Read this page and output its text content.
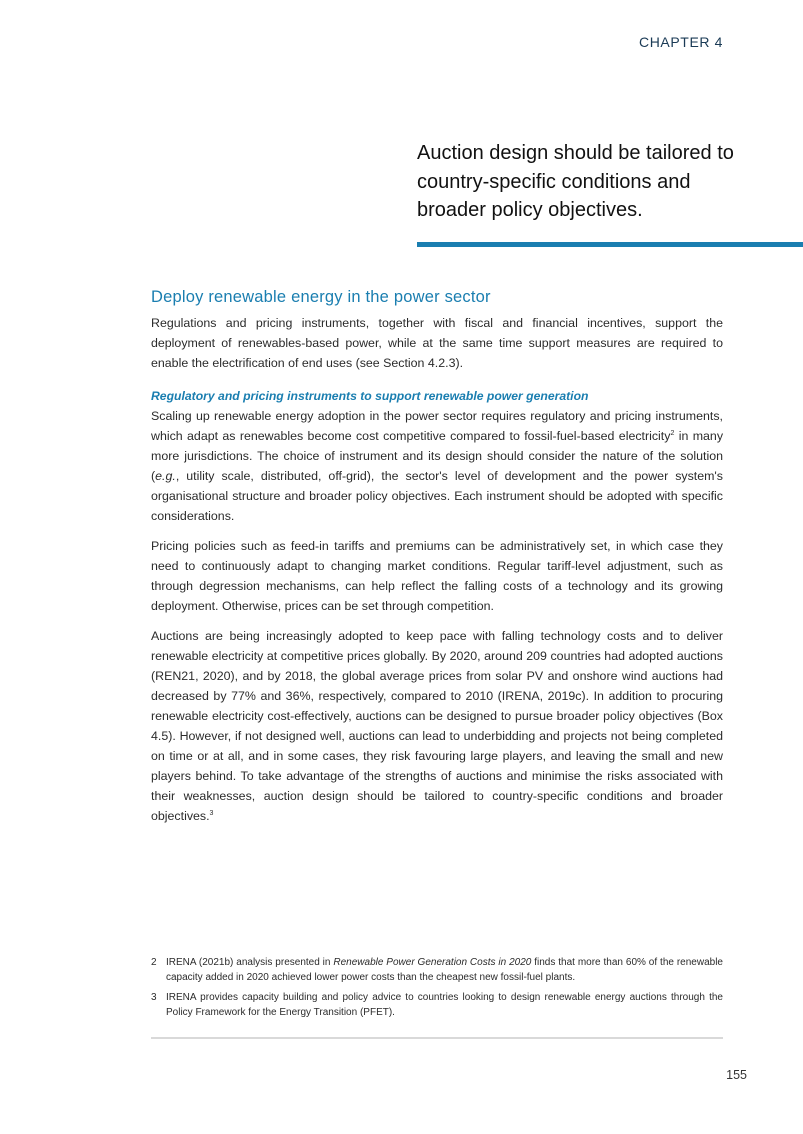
CHAPTER 4
Auction design should be tailored to country-specific conditions and broader policy objectives.
Deploy renewable energy in the power sector

Regulations and pricing instruments, together with fiscal and financial incentives, support the deployment of renewables-based power, while at the same time support measures are required to enable the electrification of end uses (see Section 4.2.3).

Regulatory and pricing instruments to support renewable power generation

Scaling up renewable energy adoption in the power sector requires regulatory and pricing instruments, which adapt as renewables become cost competitive compared to fossil-fuel-based electricity$^2$ in many more jurisdictions. The choice of instrument and its design should consider the nature of the solution (e.g., utility scale, distributed, off-grid), the sector's level of development and the power system's organisational structure and broader policy objectives. Each instrument should be adopted with specific considerations.

Pricing policies such as feed-in tariffs and premiums can be administratively set, in which case they need to continuously adapt to changing market conditions. Regular tariff-level adjustment, such as through degression mechanisms, can help reflect the falling costs of a technology and its growing deployment. Otherwise, prices can be set through competition.

Auctions are being increasingly adopted to keep pace with falling technology costs and to deliver renewable electricity at competitive prices globally. By 2020, around 209 countries had adopted auctions (REN21, 2020), and by 2018, the global average prices from solar PV and onshore wind auctions had decreased by 77% and 36%, respectively, compared to 2010 (IRENA, 2019c). In addition to procuring renewable electricity cost-effectively, auctions can be designed to pursue broader policy objectives (Box 4.5). However, if not designed well, auctions can lead to underbidding and projects not being completed on time or at all, and in some cases, they risk favouring large players, and leaving the small and new players behind. To take advantage of the strengths of auctions and minimise the risks associated with their weaknesses, auction design should be tailored to country-specific conditions and broader objectives.$^3$

2 IRENA (2021b) analysis presented in Renewable Power Generation Costs in 2020 finds that more than 60% of the renewable capacity added in 2020 achieved lower power costs than the cheapest new fossil-fuel plants.
3 IRENA provides capacity building and policy advice to countries looking to design renewable energy auctions through the Policy Framework for the Energy Transition (PFET).
155
